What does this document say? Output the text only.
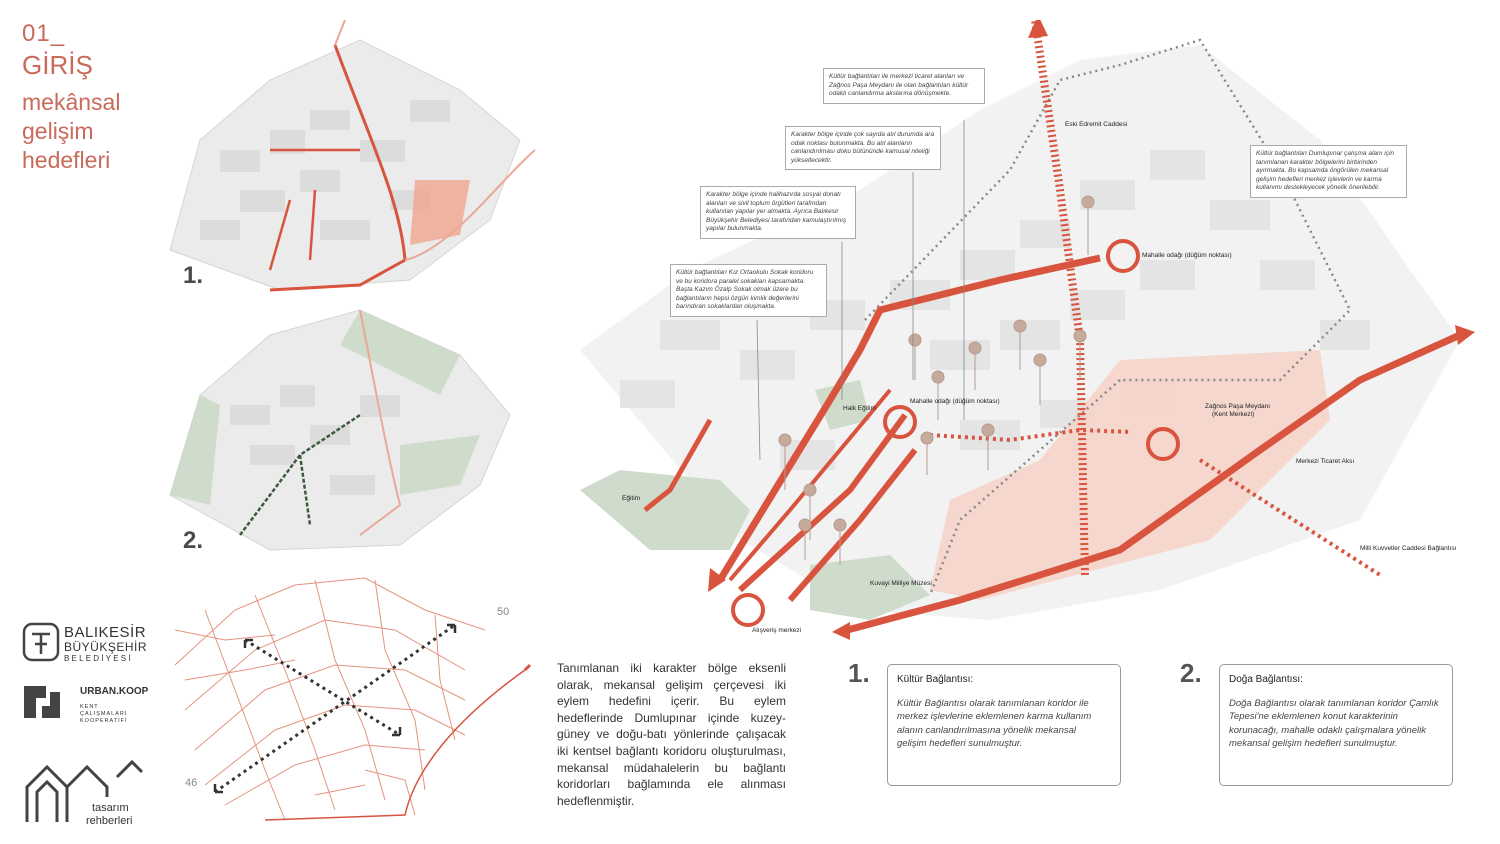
01_
GİRİŞ
mekânsal
gelişim
hedefleri
1.
2.
46
50
BALIKESİR
BÜYÜKŞEHİR
BELEDİYESİ
URBAN.KOOP
KENT
ÇALIŞMALARI
KOOPERATİFİ
tasarım
rehberleri
Kültür bağlantıları ile merkezi ticaret alanları ve Zağnos Paşa Meydanı ile olan bağlantıları kültür odaklı canlandırma akslarına dönüşmekte.
Karakter bölge içinde çok sayıda atıl durumda ara odak noktası bulunmakta. Bu atıl alanların canlandırılması doku bütününde kamusal niteliği yükseltecektir.
Karakter bölge içinde halihazırda sosyal donatı alanları ve sivil toplum örgütleri tarafından kullanılan yapılar yer almakta. Ayrıca Balıkesir Büyükşehir Belediyesi tarafından kamulaştırılmış yapılar bulunmakta.
Kültür bağlantıları Kız Ortaokulu Sokak koridoru ve bu koridora paralel sokakları kapsamakta. Başta Kazım Özalp Sokak olmak üzere bu bağlantıların hepsi özgün kimlik değerlerini barındıran sokaklardan oluşmakta.
Kültür bağlantıları Dumlupınar çalışma alanı için tanımlanan karakter bölgelerini birbirinden ayırmakta. Bu kapsamda öngörülen mekansal gelişim hedefleri merkez işlevlerin ve karma kullanımı destekleyecek yönelik önerilebilir.
Eski Edremit Caddesi
Mahalle odağı (düğüm noktası)
Mahalle odağı (düğüm noktası)
Halk Eğitim
Eğitim
Kuvayi Milliye Müzesi
Alışveriş merkezi
Zağnos Paşa Meydanı
(Kent Merkezi)
Merkezi Ticaret Aksı
Milli Kuvvetler Caddesi Bağlantısı
Tanımlanan iki karakter bölge eksenli olarak, mekansal gelişim çerçevesi iki eylem hedefini içerir. Bu eylem hedeflerinde Dumlupınar içinde kuzey-güney ve doğu-batı yönlerinde çalışacak iki kentsel bağlantı koridoru oluşturulması, mekansal müdahalelerin bu bağlantı koridorları bağlamında ele alınması hedeflenmiştir.
1.	Kültür Bağlantısı:
Kültür Bağlantısı olarak tanımlanan koridor ile merkez işlevlerine eklemlenen karma kullanım alanın canlandırılmasına yönelik mekansal gelişim hedefleri sunulmuştur.
2.	Doğa Bağlantısı:
Doğa Bağlantısı olarak tanımlanan koridor Çamlık Tepesi'ne eklemlenen konut karakterinin korunacağı, mahalle odaklı çalışmalara yönelik mekansal gelişim hedefleri sunulmuştur.
